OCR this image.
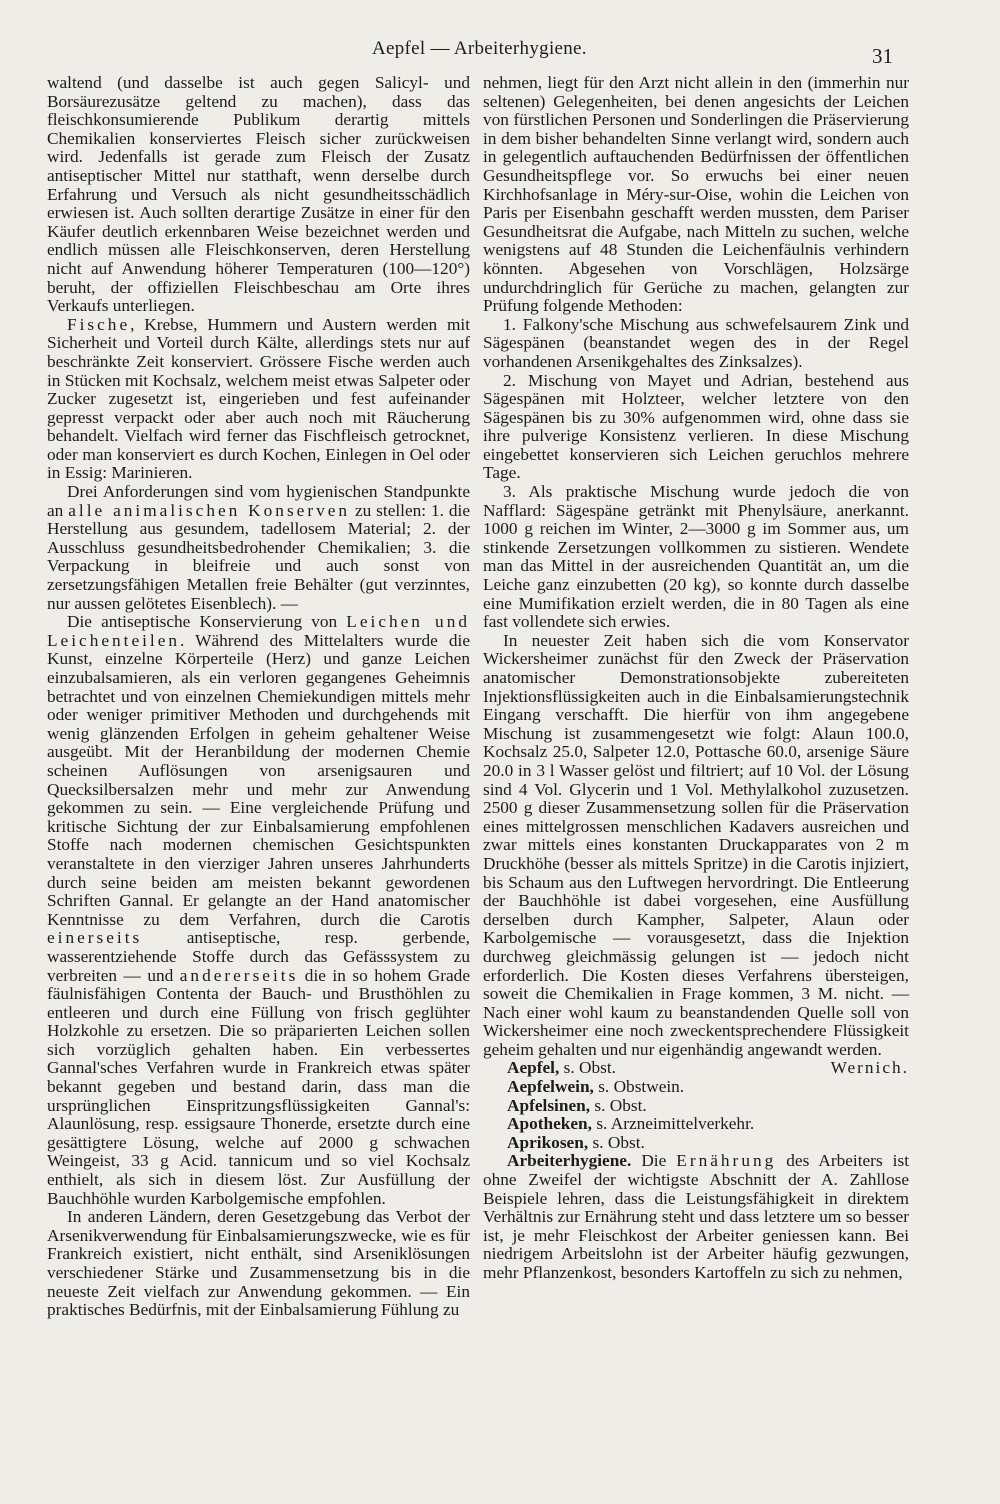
Aepfel — Arbeiterhygiene.	31

waltend (und dasselbe ist auch gegen Salicyl- und Borsäurezusätze geltend zu machen), dass das fleischkonsumierende Publikum derartig mittels Chemikalien konserviertes Fleisch sicher zurückweisen wird. Jedenfalls ist gerade zum Fleisch der Zusatz antiseptischer Mittel nur statthaft, wenn derselbe durch Erfahrung und Versuch als nicht gesundheitsschädlich erwiesen ist. Auch sollten derartige Zusätze in einer für den Käufer deutlich erkennbaren Weise bezeichnet werden und endlich müssen alle Fleischkonserven, deren Herstellung nicht auf Anwendung höherer Temperaturen (100—120°) beruht, der offiziellen Fleischbeschau am Orte ihres Verkaufs unterliegen.

Fische, Krebse, Hummern und Austern werden mit Sicherheit und Vorteil durch Kälte, allerdings stets nur auf beschränkte Zeit konserviert. Grössere Fische werden auch in Stücken mit Kochsalz, welchem meist etwas Salpeter oder Zucker zugesetzt ist, eingerieben und fest aufeinander gepresst verpackt oder aber auch noch mit Räucherung behandelt. Vielfach wird ferner das Fischfleisch getrocknet, oder man konserviert es durch Kochen, Einlegen in Oel oder in Essig: Marinieren.

Drei Anforderungen sind vom hygienischen Standpunkte an alle animalischen Konserven zu stellen: 1. die Herstellung aus gesundem, tadellosem Material; 2. der Ausschluss gesundheitsbedrohender Chemikalien; 3. die Verpackung in bleifreie und auch sonst von zersetzungsfähigen Metallen freie Behälter (gut verzinntes, nur aussen gelötetes Eisenblech). —

Die antiseptische Konservierung von Leichen und Leichenteilen. Während des Mittelalters wurde die Kunst, einzelne Körperteile (Herz) und ganze Leichen einzubalsamieren, als ein verloren gegangenes Geheimnis betrachtet und von einzelnen Chemiekundigen mittels mehr oder weniger primitiver Methoden und durchgehends mit wenig glänzenden Erfolgen in geheim gehaltener Weise ausgeübt. Mit der Heranbildung der modernen Chemie scheinen Auflösungen von arsenigsauren und Quecksilbersalzen mehr und mehr zur Anwendung gekommen zu sein. — Eine vergleichende Prüfung und kritische Sichtung der zur Einbalsamierung empfohlenen Stoffe nach modernen chemischen Gesichtspunkten veranstaltete in den vierziger Jahren unseres Jahrhunderts durch seine beiden am meisten bekannt gewordenen Schriften Gannal. Er gelangte an der Hand anatomischer Kenntnisse zu dem Verfahren, durch die Carotis einerseits antiseptische, resp. gerbende, wasserentziehende Stoffe durch das Gefässsystem zu verbreiten — und andererseits die in so hohem Grade fäulnisfähigen Contenta der Bauch- und Brusthöhlen zu entleeren und durch eine Füllung von frisch geglühter Holzkohle zu ersetzen. Die so präparierten Leichen sollen sich vorzüglich gehalten haben. Ein verbessertes Gannal'sches Verfahren wurde in Frankreich etwas später bekannt gegeben und bestand darin, dass man die ursprünglichen Einspritzungsflüssigkeiten Gannal's: Alaunlösung, resp. essigsaure Thonerde, ersetzte durch eine gesättigtere Lösung, welche auf 2000 g schwachen Weingeist, 33 g Acid. tannicum und so viel Kochsalz enthielt, als sich in diesem löst. Zur Ausfüllung der Bauchhöhle wurden Karbolgemische empfohlen.

In anderen Ländern, deren Gesetzgebung das Verbot der Arsenikverwendung für Einbalsamierungszwecke, wie es für Frankreich existiert, nicht enthält, sind Arseniklösungen verschiedener Stärke und Zusammensetzung bis in die neueste Zeit vielfach zur Anwendung gekommen. — Ein praktisches Bedürfnis, mit der Einbalsamierung Fühlung zu

nehmen, liegt für den Arzt nicht allein in den (immerhin nur seltenen) Gelegenheiten, bei denen angesichts der Leichen von fürstlichen Personen und Sonderlingen die Präservierung in dem bisher behandelten Sinne verlangt wird, sondern auch in gelegentlich auftauchenden Bedürfnissen der öffentlichen Gesundheitspflege vor. So erwuchs bei einer neuen Kirchhofsanlage in Méry-sur-Oise, wohin die Leichen von Paris per Eisenbahn geschafft werden mussten, dem Pariser Gesundheitsrat die Aufgabe, nach Mitteln zu suchen, welche wenigstens auf 48 Stunden die Leichenfäulnis verhindern könnten. Abgesehen von Vorschlägen, Holzsärge undurchdringlich für Gerüche zu machen, gelangten zur Prüfung folgende Methoden:

1. Falkony'sche Mischung aus schwefelsaurem Zink und Sägespänen (beanstandet wegen des in der Regel vorhandenen Arsenikgehaltes des Zinksalzes).

2. Mischung von Mayet und Adrian, bestehend aus Sägespänen mit Holzteer, welcher letztere von den Sägespänen bis zu 30% aufgenommen wird, ohne dass sie ihre pulverige Konsistenz verlieren. In diese Mischung eingebettet konservieren sich Leichen geruchlos mehrere Tage.

3. Als praktische Mischung wurde jedoch die von Nafflard: Sägespäne getränkt mit Phenylsäure, anerkannt. 1000 g reichen im Winter, 2—3000 g im Sommer aus, um stinkende Zersetzungen vollkommen zu sistieren. Wendete man das Mittel in der ausreichenden Quantität an, um die Leiche ganz einzubetten (20 kg), so konnte durch dasselbe eine Mumifikation erzielt werden, die in 80 Tagen als eine fast vollendete sich erwies.

In neuester Zeit haben sich die vom Konservator Wickersheimer zunächst für den Zweck der Präservation anatomischer Demonstrationsobjekte zubereiteten Injektionsflüssigkeiten auch in die Einbalsamierungstechnik Eingang verschafft. Die hierfür von ihm angegebene Mischung ist zusammengesetzt wie folgt: Alaun 100.0, Kochsalz 25.0, Salpeter 12.0, Pottasche 60.0, arsenige Säure 20.0 in 3 l Wasser gelöst und filtriert; auf 10 Vol. der Lösung sind 4 Vol. Glycerin und 1 Vol. Methylalkohol zuzusetzen. 2500 g dieser Zusammensetzung sollen für die Präservation eines mittelgrossen menschlichen Kadavers ausreichen und zwar mittels eines konstanten Druckapparates von 2 m Druckhöhe (besser als mittels Spritze) in die Carotis injiziert, bis Schaum aus den Luftwegen hervordringt. Die Entleerung der Bauchhöhle ist dabei vorgesehen, eine Ausfüllung derselben durch Kampher, Salpeter, Alaun oder Karbolgemische — vorausgesetzt, dass die Injektion durchweg gleichmässig gelungen ist — jedoch nicht erforderlich. Die Kosten dieses Verfahrens übersteigen, soweit die Chemikalien in Frage kommen, 3 M. nicht. — Nach einer wohl kaum zu beanstandenden Quelle soll von Wickersheimer eine noch zweckentsprechendere Flüssigkeit geheim gehalten und nur eigenhändig angewandt werden.
Wernich.

Aepfel, s. Obst.

Aepfelwein, s. Obstwein.

Apfelsinen, s. Obst.

Apotheken, s. Arzneimittelverkehr.

Aprikosen, s. Obst.

Arbeiterhygiene. Die Ernährung des Arbeiters ist ohne Zweifel der wichtigste Abschnitt der A. Zahllose Beispiele lehren, dass die Leistungsfähigkeit in direktem Verhältnis zur Ernährung steht und dass letztere um so besser ist, je mehr Fleischkost der Arbeiter geniessen kann. Bei niedrigem Arbeitslohn ist der Arbeiter häufig gezwungen, mehr Pflanzenkost, besonders Kartoffeln zu sich zu nehmen,
